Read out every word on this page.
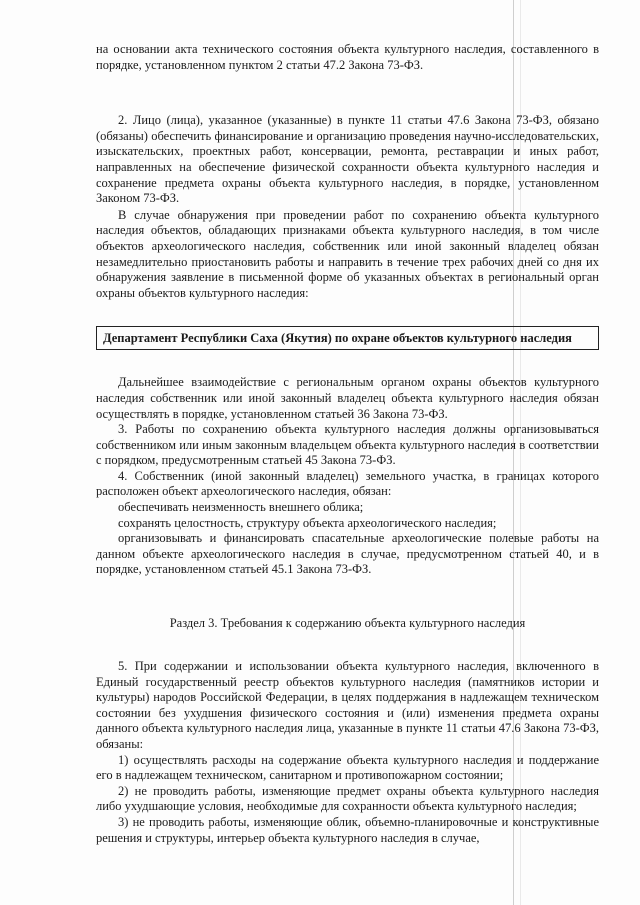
на основании акта технического состояния объекта культурного наследия, составленного в порядке, установленном пунктом 2 статьи 47.2 Закона 73-ФЗ.

2. Лицо (лица), указанное (указанные) в пункте 11 статьи 47.6 Закона 73-ФЗ, обязано (обязаны) обеспечить финансирование и организацию проведения научно-исследовательских, изыскательских, проектных работ, консервации, ремонта, реставрации и иных работ, направленных на обеспечение физической сохранности объекта культурного наследия и сохранение предмета охраны объекта культурного наследия, в порядке, установленном Законом 73-ФЗ.

В случае обнаружения при проведении работ по сохранению объекта культурного наследия объектов, обладающих признаками объекта культурного наследия, в том числе объектов археологического наследия, собственник или иной законный владелец обязан незамедлительно приостановить работы и направить в течение трех рабочих дней со дня их обнаружения заявление в письменной форме об указанных объектах в региональный орган охраны объектов культурного наследия:

Департамент Республики Саха (Якутия) по охране объектов культурного наследия

Дальнейшее взаимодействие с региональным органом охраны объектов культурного наследия собственник или иной законный владелец объекта культурного наследия обязан осуществлять в порядке, установленном статьей 36 Закона 73-ФЗ.

3. Работы по сохранению объекта культурного наследия должны организовываться собственником или иным законным владельцем объекта культурного наследия в соответствии с порядком, предусмотренным статьей 45 Закона 73-ФЗ.

4. Собственник (иной законный владелец) земельного участка, в границах которого расположен объект археологического наследия, обязан:

обеспечивать неизменность внешнего облика;

сохранять целостность, структуру объекта археологического наследия;

организовывать и финансировать спасательные археологические полевые работы на данном объекте археологического наследия в случае, предусмотренном статьей 40, и в порядке, установленном статьей 45.1 Закона 73-ФЗ.

Раздел 3. Требования к содержанию объекта культурного наследия

5. При содержании и использовании объекта культурного наследия, включенного в Единый государственный реестр объектов культурного наследия (памятников истории и культуры) народов Российской Федерации, в целях поддержания в надлежащем техническом состоянии без ухудшения физического состояния и (или) изменения предмета охраны данного объекта культурного наследия лица, указанные в пункте 11 статьи 47.6 Закона 73-ФЗ, обязаны:

1) осуществлять расходы на содержание объекта культурного наследия и поддержание его в надлежащем техническом, санитарном и противопожарном состоянии;

2) не проводить работы, изменяющие предмет охраны объекта культурного наследия либо ухудшающие условия, необходимые для сохранности объекта культурного наследия;

3) не проводить работы, изменяющие облик, объемно-планировочные и конструктивные решения и структуры, интерьер объекта культурного наследия в случае,
